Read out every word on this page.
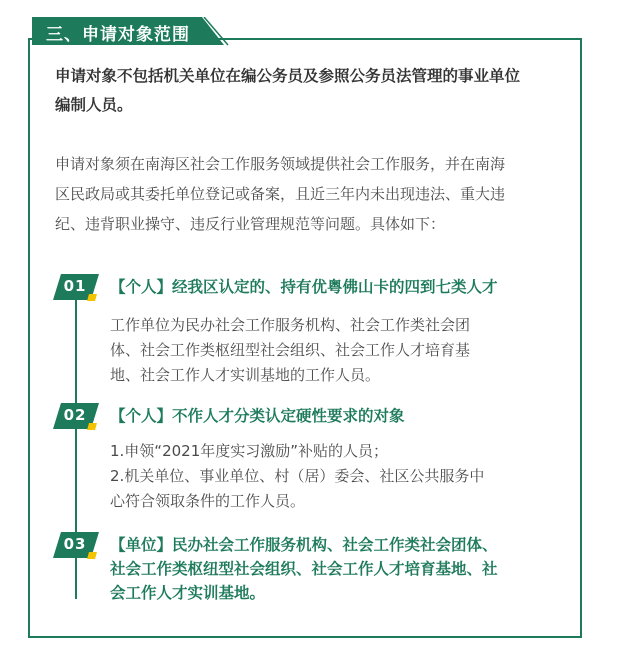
三、申请对象范围
申请对象不包括机关单位在编公务员及参照公务员法管理的事业单位
编制人员。
申请对象须在南海区社会工作服务领域提供社会工作服务，并在南海
区民政局或其委托单位登记或备案，且近三年内未出现违法、重大违
纪、违背职业操守、违反行业管理规范等问题。具体如下：
01	【个人】经我区认定的、持有优粤佛山卡的四到七类人才
工作单位为民办社会工作服务机构、社会工作类社会团
体、社会工作类枢纽型社会组织、社会工作人才培育基
地、社会工作人才实训基地的工作人员。
02	【个人】不作人才分类认定硬性要求的对象
1.申领“2021年度实习激励”补贴的人员；
2.机关单位、事业单位、村（居）委会、社区公共服务中
心符合领取条件的工作人员。
03	【单位】民办社会工作服务机构、社会工作类社会团体、
社会工作类枢纽型社会组织、社会工作人才培育基地、社
会工作人才实训基地。
